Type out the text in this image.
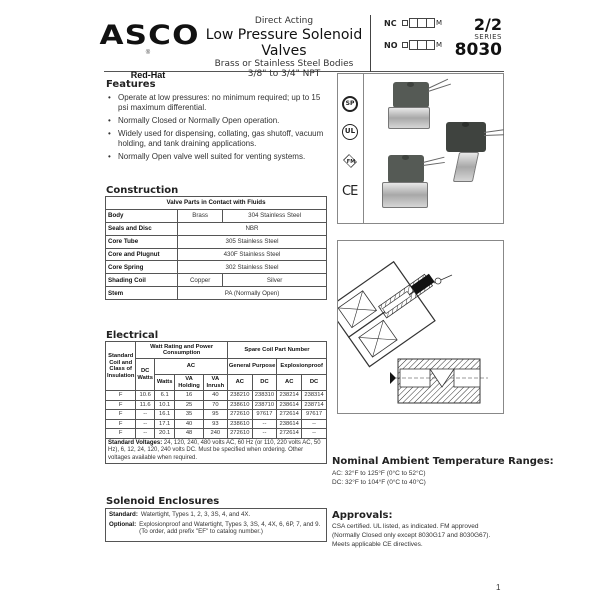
ASCO®
Red-Hat
Direct Acting
Low Pressure Solenoid Valves
Brass or Stainless Steel Bodies
3/8" to 3/4" NPT
NC	M
NO	M
2/2
SERIES
8030
Features
• Operate at low pressures: no minimum required; up to 15 psi maximum differential.
• Normally Closed or Normally Open operation.
• Widely used for dispensing, collating, gas shutoff, vacuum holding, and tank draining applications.
• Normally Open valve well suited for venting systems.
SP
UL
FM
CE
Construction
Valve Parts in Contact with Fluids		
Body	Brass	304 Stainless Steel
Seals and Disc	NBR	
Core Tube	305 Stainless Steel	
Core and Plugnut	430F Stainless Steel	
Core Spring	302 Stainless Steel	
Shading Coil	Copper	Silver
Stem	PA (Normally Open)	
Electrical
Standard Coil and Class of Insulation	Watt Rating and Power Consumption				Spare Coil Part Number			
	DC Watts	AC			General Purpose		Explosionproof	
		Watts	VA Holding	VA Inrush	AC	DC	AC	DC
F	10.6	6.1	16	40	238210	238310	238214	238314
F	11.6	10.1	25	70	238610	238710	238614	238714
F	--	16.1	35	95	272610	97617	272614	97617
F	--	17.1	40	93	238610	--	238614	--
F	--	20.1	48	240	272610	--	272614	--
Standard Voltages: 24, 120, 240, 480 volts AC, 60 Hz (or 110, 220 volts AC, 50 Hz), 6, 12, 24, 120, 240 volts DC. Must be specified when ordering. Other voltages available when required.								
Solenoid Enclosures
Standard: Watertight, Types 1, 2, 3, 3S, 4, and 4X.
Optional: Explosionproof and Watertight, Types 3, 3S, 4, 4X, 6, 6P, 7, and 9. (To order, add prefix "EF" to catalog number.)
Nominal Ambient Temperature Ranges:
AC: 32°F to 125°F (0°C to 52°C)
DC: 32°F to 104°F (0°C to 40°C)
Approvals:
CSA certified. UL listed, as indicated. FM approved (Normally Closed only except 8030G17 and 8030G67). Meets applicable CE directives.
1
